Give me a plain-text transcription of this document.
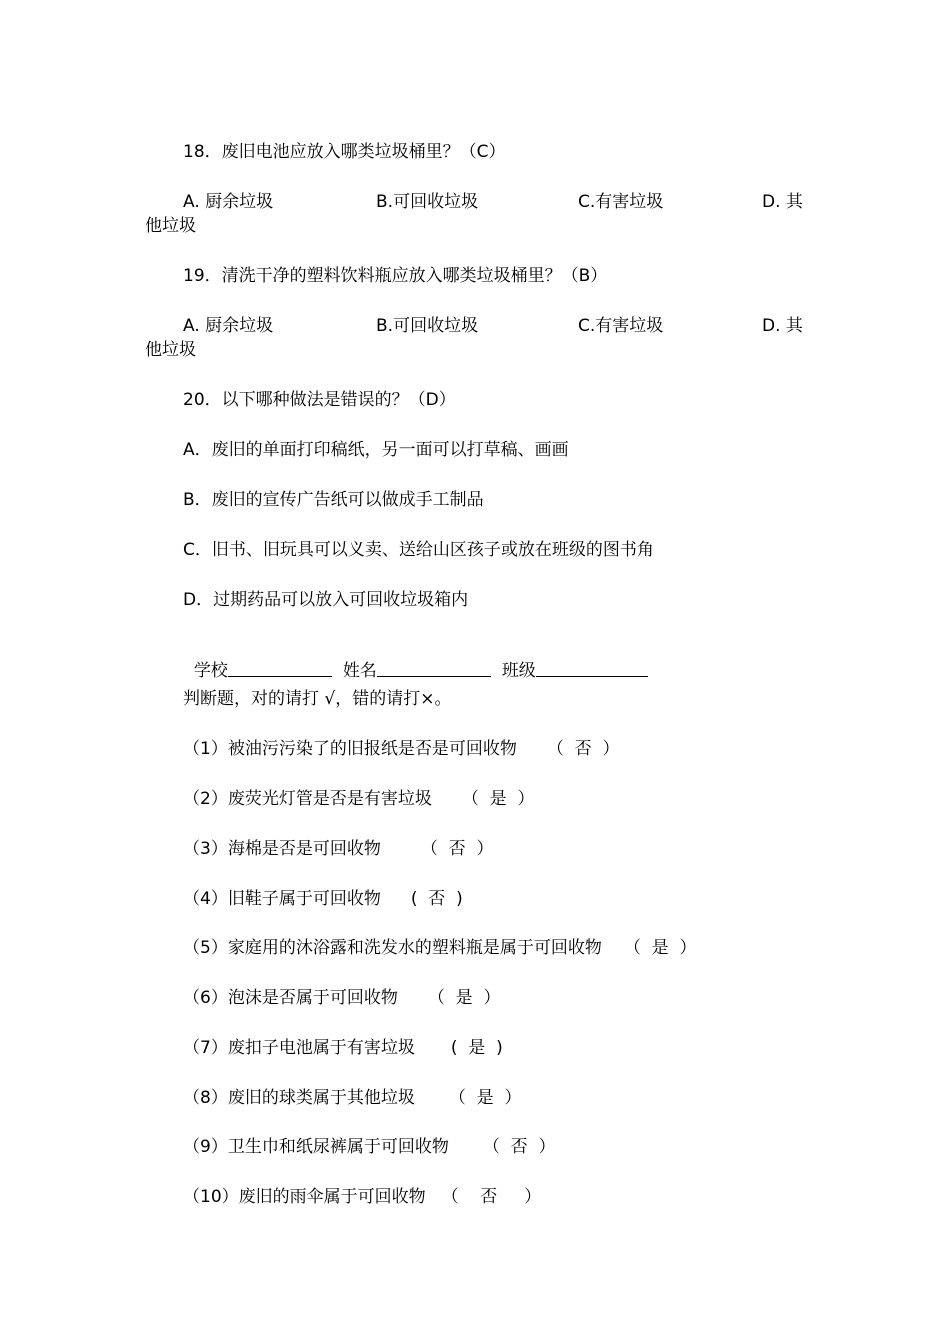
18．废旧电池应放入哪类垃圾桶里？（C）
A. 厨余垃圾	B.可回收垃圾	C.有害垃圾	D. 其
他垃圾
19．清洗干净的塑料饮料瓶应放入哪类垃圾桶里？（B）
A. 厨余垃圾	B.可回收垃圾	C.有害垃圾	D. 其
他垃圾
20．以下哪种做法是错误的？（D）
A．废旧的单面打印稿纸，另一面可以打草稿、画画
B．废旧的宣传广告纸可以做成手工制品
C．旧书、旧玩具可以义卖、送给山区孩子或放在班级的图书角
D．过期药品可以放入可回收垃圾箱内

学校	姓名	班级

判断题，对的请打 √，错的请打×。
（1）被油污污染了的旧报纸是否是可回收物 （  否  ）
（2）废荧光灯管是否是有害垃圾 （  是  ）
（3）海棉是否是可回收物 （  否  ）
（4）旧鞋子属于可回收物 (  否  )
（5）家庭用的沐浴露和洗发水的塑料瓶是属于可回收物 （  是  ）
（6）泡沫是否属于可回收物 （  是  ）
（7）废扣子电池属于有害垃圾 (  是  )
（8）废旧的球类属于其他垃圾 （  是  ）
（9）卫生巾和纸尿裤属于可回收物 （  否  ）
（10）废旧的雨伞属于可回收物 （    否     ）
